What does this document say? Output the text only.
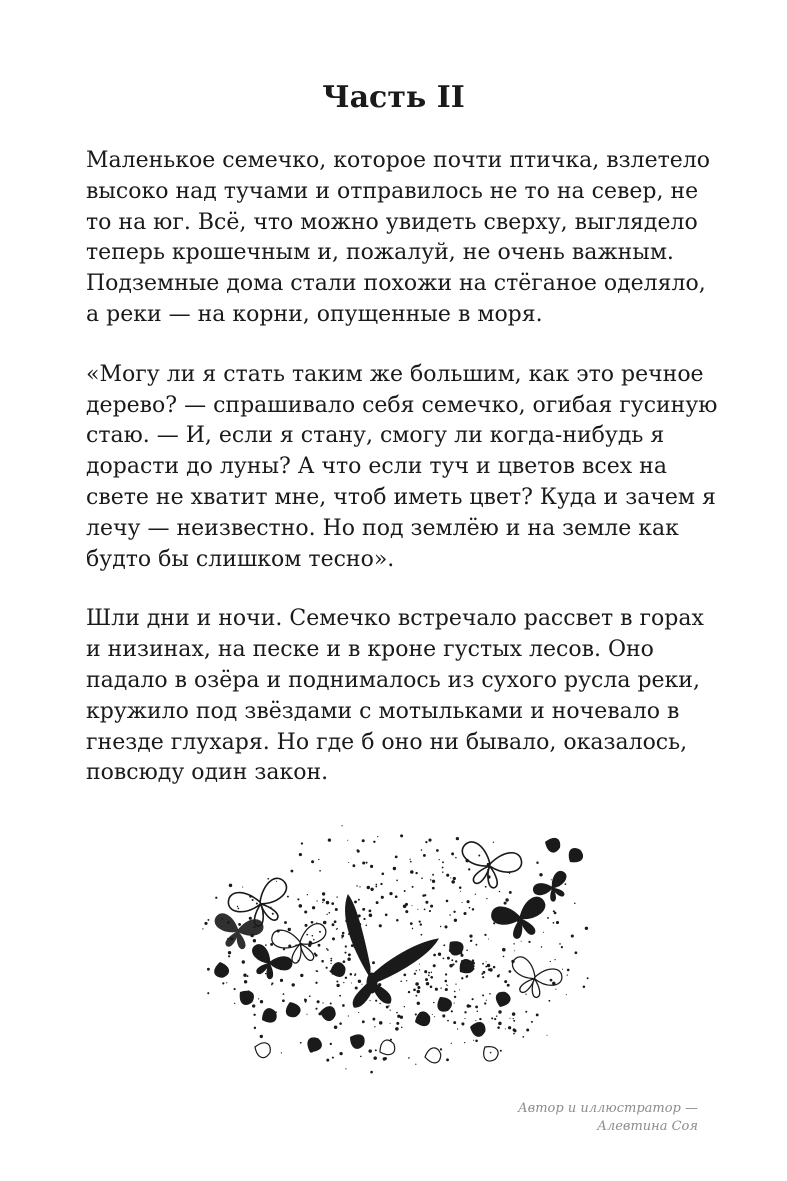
Часть II

Маленькое семечко, которое почти птичка, взлетело
высоко над тучами и отправилось не то на север, не
то на юг. Всё, что можно увидеть сверху, выглядело
теперь крошечным и, пожалуй, не очень важным.
Подземные дома стали похожи на стёганое оделяло,
а реки — на корни, опущенные в моря.

«Могу ли я стать таким же большим, как это речное
дерево? — спрашивало себя семечко, огибая гусиную
стаю. — И, если я стану, смогу ли когда-нибудь я
дорасти до луны? А что если туч и цветов всех на
свете не хватит мне, чтоб иметь цвет? Куда и зачем я
лечу — неизвестно. Но под землёю и на земле как
будто бы слишком тесно».

Шли дни и ночи. Семечко встречало рассвет в горах
и низинах, на песке и в кроне густых лесов. Оно
падало в озёра и поднималось из сухого русла реки,
кружило под звёздами с мотыльками и ночевало в
гнезде глухаря. Но где б оно ни бывало, оказалось,
повсюду один закон.

Автор и иллюстратор —
Алевтина Соя
